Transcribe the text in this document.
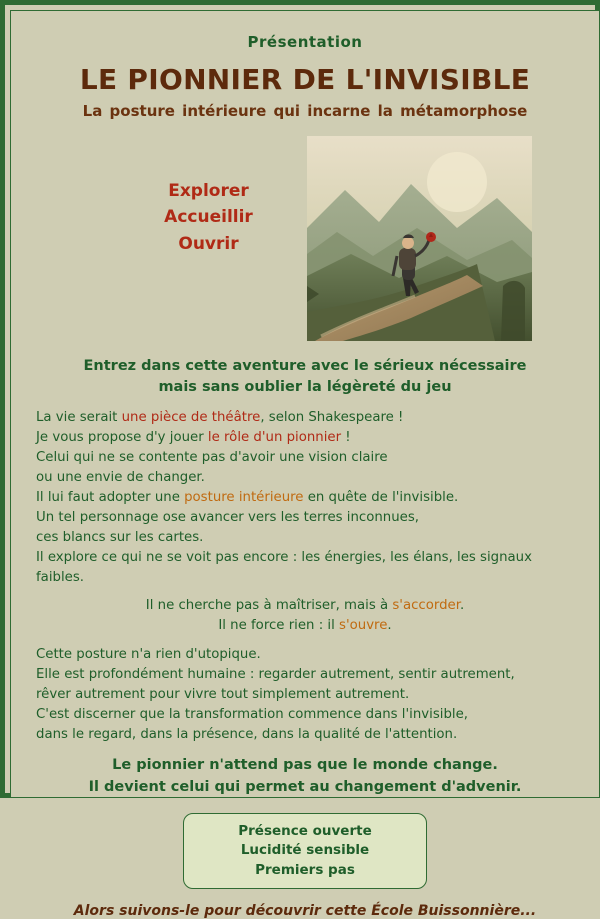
Présentation
LE PIONNIER DE L'INVISIBLE
La posture intérieure qui incarne la métamorphose
Explorer
Accueillir
Ouvrir
Entrez dans cette aventure avec le sérieux nécessaire
mais sans oublier la légèreté du jeu

La vie serait une pièce de théâtre, selon Shakespeare !

Je vous propose d'y jouer le rôle d'un pionnier !

Celui qui ne se contente pas d'avoir une vision claire

ou une envie de changer.

Il lui faut adopter une posture intérieure en quête de l'invisible.

Un tel personnage ose avancer vers les terres inconnues,

ces blancs sur les cartes.

Il explore ce qui ne se voit pas encore : les énergies, les élans, les signaux faibles.

Il ne cherche pas à maîtriser, mais à s'accorder.

Il ne force rien : il s'ouvre.

Cette posture n'a rien d'utopique.

Elle est profondément humaine : regarder autrement, sentir autrement,

rêver autrement pour vivre tout simplement autrement.

C'est discerner que la transformation commence dans l'invisible,

dans le regard, dans la présence, dans la qualité de l'attention.

Le pionnier n'attend pas que le monde change.
Il devient celui qui permet au changement d'advenir.
Présence ouverte
Lucidité sensible
Premiers pas
Alors suivons-le pour découvrir cette École Buissonnière...
